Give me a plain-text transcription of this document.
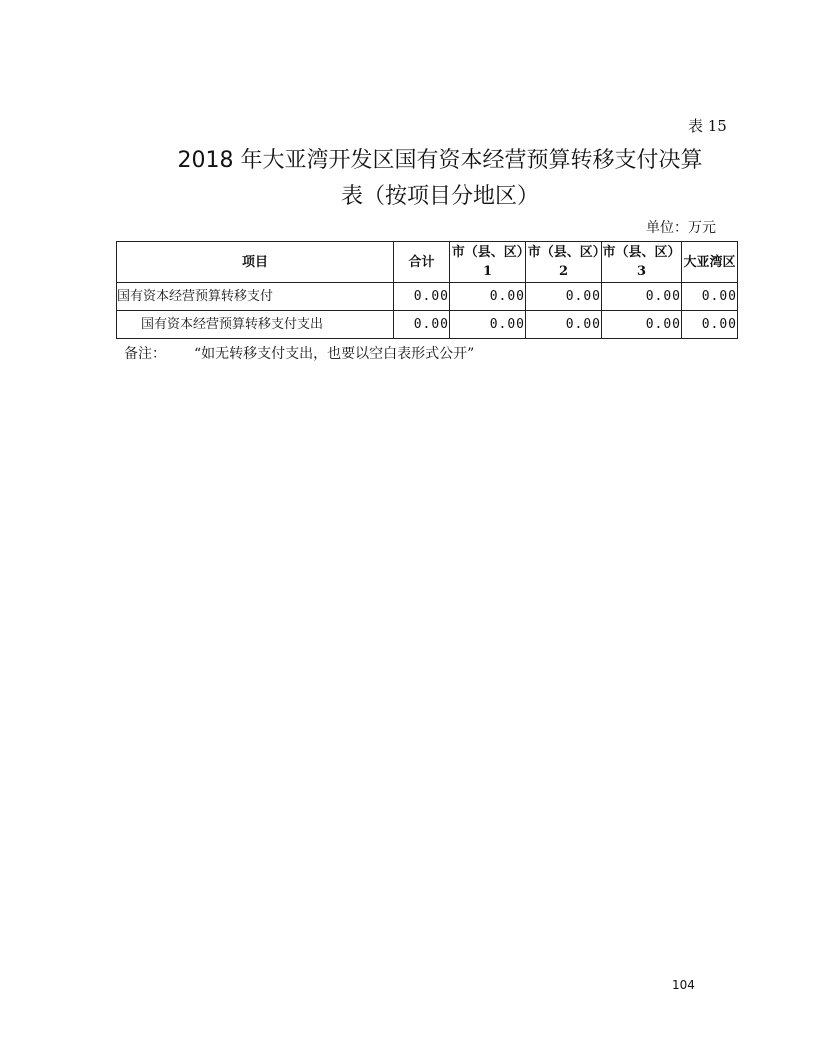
表 15
2018 年大亚湾开发区国有资本经营预算转移支付决算
表（按项目分地区）
单位：万元
项目	合计	市（县、区）1	市（县、区）2	市（县、区）3	大亚湾区
国有资本经营预算转移支付	0.00	0.00	0.00	0.00	0.00
国有资本经营预算转移支付支出	0.00	0.00	0.00	0.00	0.00
备注： “如无转移支付支出，也要以空白表形式公开”
104
